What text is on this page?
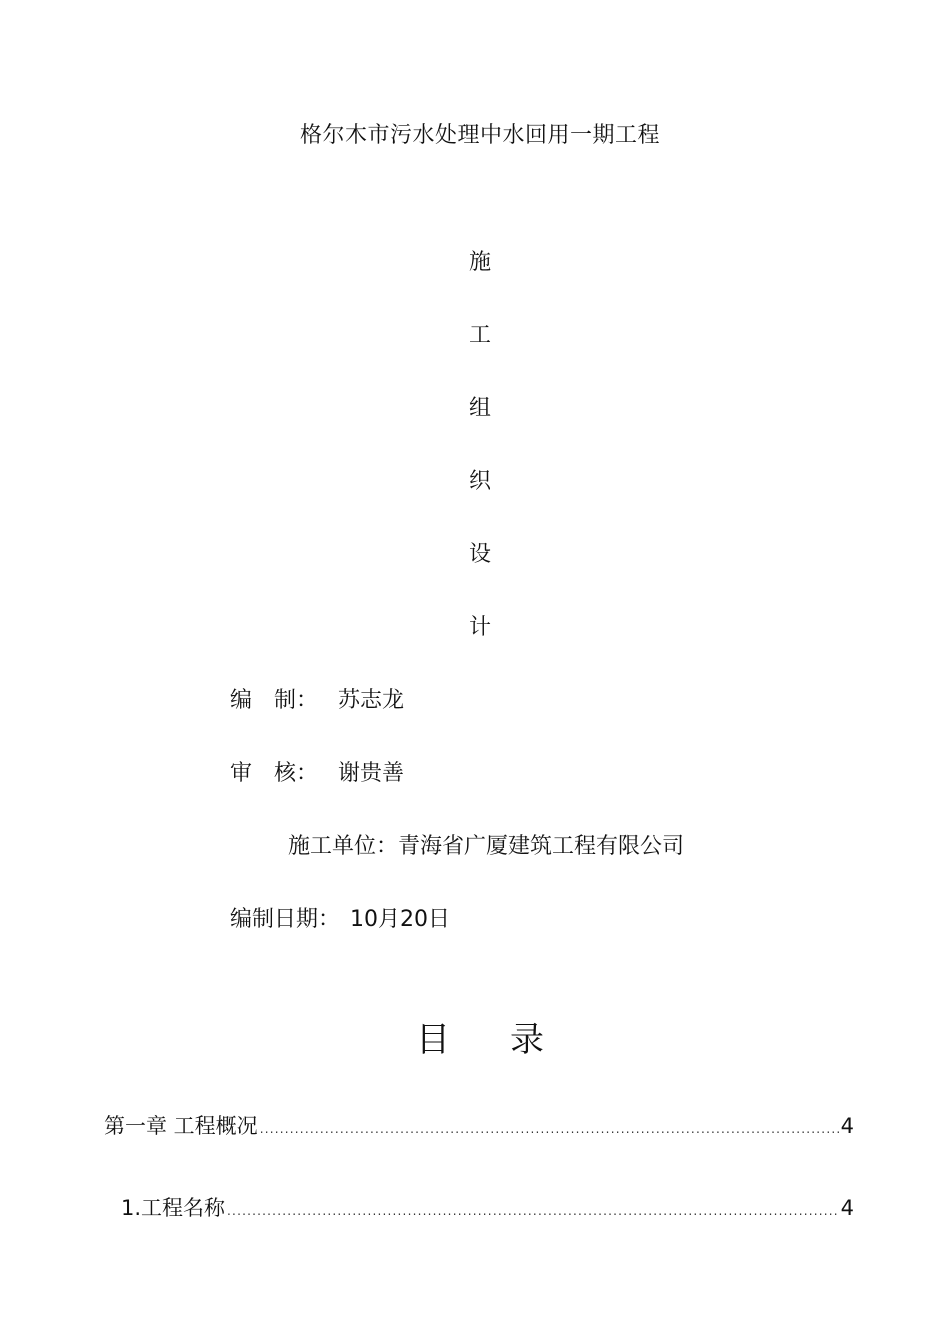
格尔木市污水处理中水回用一期工程
施
工
组
织
设
计
编　制： 苏志龙
审　核： 谢贵善
施工单位：青海省广厦建筑工程有限公司
编制日期： 10月20日
目 录
第一章 工程概况 .....	4
1.工程名称 .....	4
